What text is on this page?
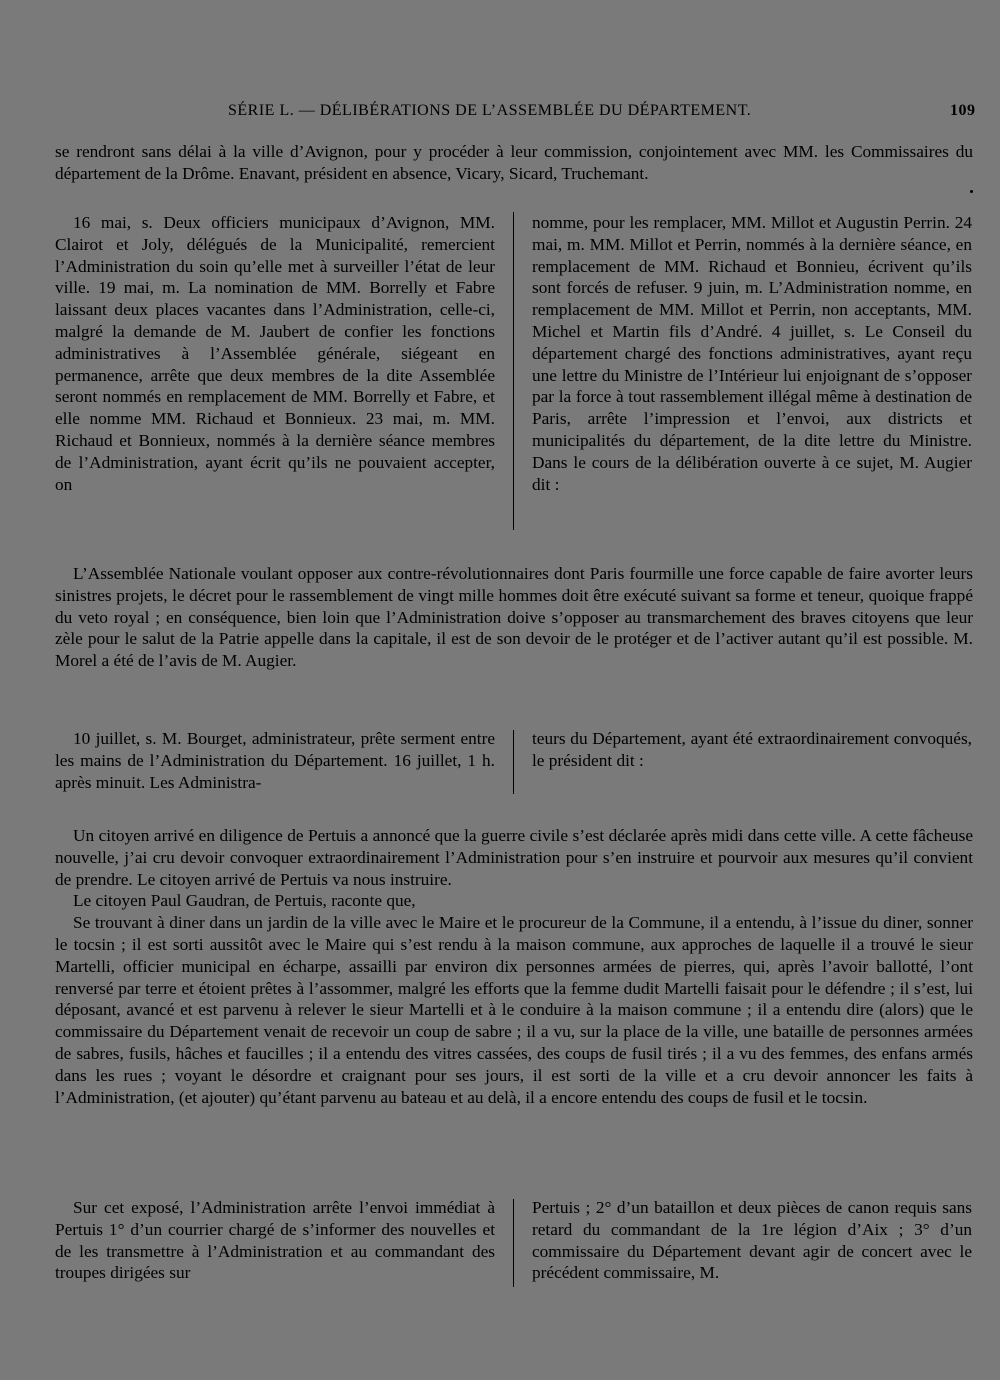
SÉRIE L. — DÉLIBÉRATIONS DE L’ASSEMBLÉE DU DÉPARTEMENT.	109

se rendront sans délai à la ville d’Avignon, pour y procéder à leur commission, conjointement avec MM. les Commissaires du département de la Drôme. Enavant, président en absence, Vicary, Sicard, Truchemant.

16 mai, s. Deux officiers municipaux d’Avignon, MM. Clairot et Joly, délégués de la Municipalité, remercient l’Administration du soin qu’elle met à surveiller l’état de leur ville. 19 mai, m. La nomination de MM. Borrelly et Fabre laissant deux places vacantes dans l’Administration, celle-ci, malgré la demande de M. Jaubert de confier les fonctions administratives à l’Assemblée générale, siégeant en permanence, arrête que deux membres de la dite Assemblée seront nommés en remplacement de MM. Borrelly et Fabre, et elle nomme MM. Richaud et Bonnieux. 23 mai, m. MM. Richaud et Bonnieux, nommés à la dernière séance membres de l’Administration, ayant écrit qu’ils ne pouvaient accepter, on

nomme, pour les remplacer, MM. Millot et Augustin Perrin. 24 mai, m. MM. Millot et Perrin, nommés à la dernière séance, en remplacement de MM. Richaud et Bonnieu, écrivent qu’ils sont forcés de refuser. 9 juin, m. L’Administration nomme, en remplacement de MM. Millot et Perrin, non acceptants, MM. Michel et Martin fils d’André. 4 juillet, s. Le Conseil du département chargé des fonctions administratives, ayant reçu une lettre du Ministre de l’Intérieur lui enjoignant de s’opposer par la force à tout rassemblement illégal même à destination de Paris, arrête l’impression et l’envoi, aux districts et municipalités du département, de la dite lettre du Ministre. Dans le cours de la délibération ouverte à ce sujet, M. Augier dit :

L’Assemblée Nationale voulant opposer aux contre-révolutionnaires dont Paris fourmille une force capable de faire avorter leurs sinistres projets, le décret pour le rassemblement de vingt mille hommes doit être exécuté suivant sa forme et teneur, quoique frappé du veto royal ; en conséquence, bien loin que l’Administration doive s’opposer au transmarchement des braves citoyens que leur zèle pour le salut de la Patrie appelle dans la capitale, il est de son devoir de le protéger et de l’activer autant qu’il est possible. M. Morel a été de l’avis de M. Augier.

10 juillet, s. M. Bourget, administrateur, prête serment entre les mains de l’Administration du Département. 16 juillet, 1 h. après minuit. Les Administra-

teurs du Département, ayant été extraordinairement convoqués, le président dit :

Un citoyen arrivé en diligence de Pertuis a annoncé que la guerre civile s’est déclarée après midi dans cette ville. A cette fâcheuse nouvelle, j’ai cru devoir convoquer extraordinairement l’Administration pour s’en instruire et pourvoir aux mesures qu’il convient de prendre. Le citoyen arrivé de Pertuis va nous instruire.

Le citoyen Paul Gaudran, de Pertuis, raconte que,

Se trouvant à diner dans un jardin de la ville avec le Maire et le procureur de la Commune, il a entendu, à l’issue du diner, sonner le tocsin ; il est sorti aussitôt avec le Maire qui s’est rendu à la maison commune, aux approches de laquelle il a trouvé le sieur Martelli, officier municipal en écharpe, assailli par environ dix personnes armées de pierres, qui, après l’avoir ballotté, l’ont renversé par terre et étoient prêtes à l’assommer, malgré les efforts que la femme dudit Martelli faisait pour le défendre ; il s’est, lui déposant, avancé et est parvenu à relever le sieur Martelli et à le conduire à la maison commune ; il a entendu dire (alors) que le commissaire du Département venait de recevoir un coup de sabre ; il a vu, sur la place de la ville, une bataille de personnes armées de sabres, fusils, hâches et faucilles ; il a entendu des vitres cassées, des coups de fusil tirés ; il a vu des femmes, des enfans armés dans les rues ; voyant le désordre et craignant pour ses jours, il est sorti de la ville et a cru devoir annoncer les faits à l’Administration, (et ajouter) qu’étant parvenu au bateau et au delà, il a encore entendu des coups de fusil et le tocsin.

Sur cet exposé, l’Administration arrête l’envoi immédiat à Pertuis 1° d’un courrier chargé de s’informer des nouvelles et de les transmettre à l’Administration et au commandant des troupes dirigées sur

Pertuis ; 2° d’un bataillon et deux pièces de canon requis sans retard du commandant de la 1re légion d’Aix ; 3° d’un commissaire du Département devant agir de concert avec le précédent commissaire, M.
